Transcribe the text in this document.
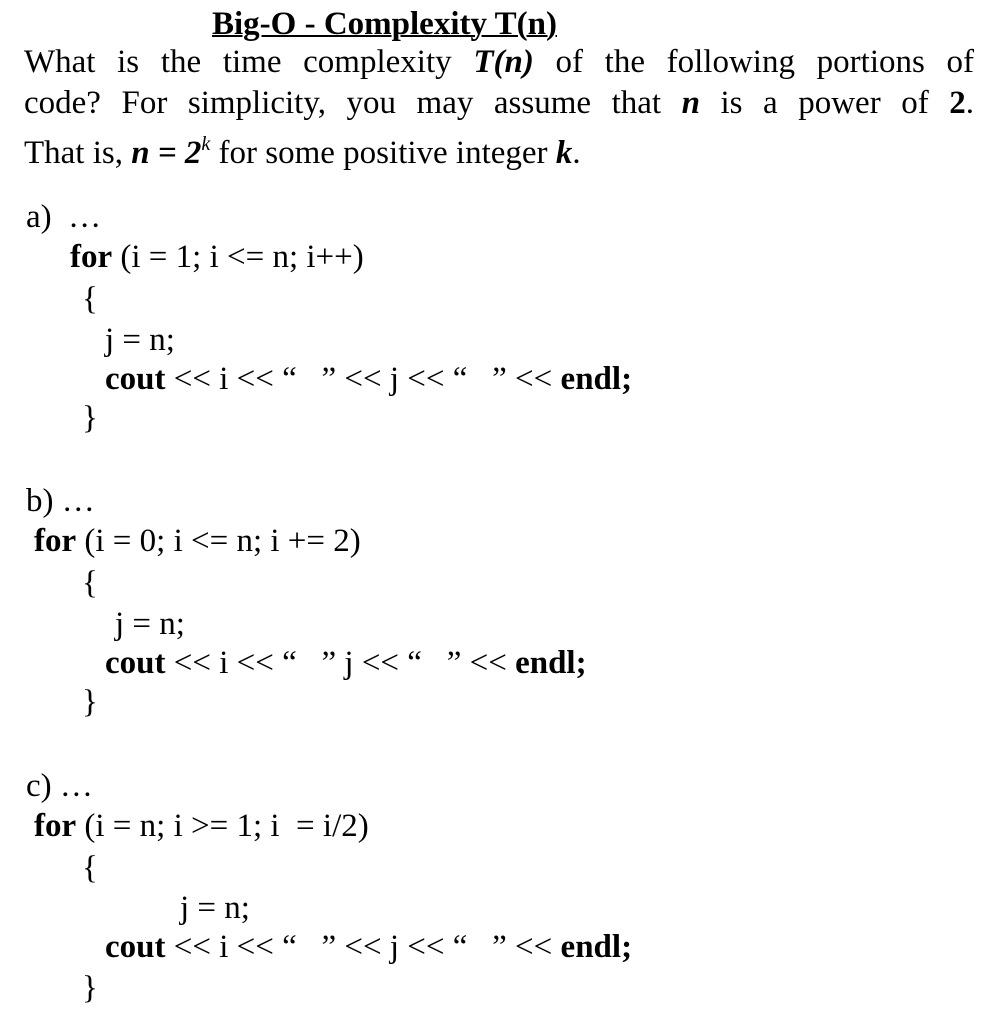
Big-O - Complexity T(n)
What is the time complexity T(n) of the following portions of
code? For simplicity, you may assume that n is a power of 2.
That is, $n = 2^k$ for some positive integer k.
a)  …
for (i = 1; i <= n; i++)
{
j = n;
cout << i << “   ” << j << “   ” << endl;
}
b) …
for (i = 0; i <= n; i += 2)
{
j = n;
cout << i << “   ” j << “   ” << endl;
}
c) …
for (i = n; i >= 1; i  = i/2)
{
j = n;
cout << i << “   ” << j << “   ” << endl;
}
